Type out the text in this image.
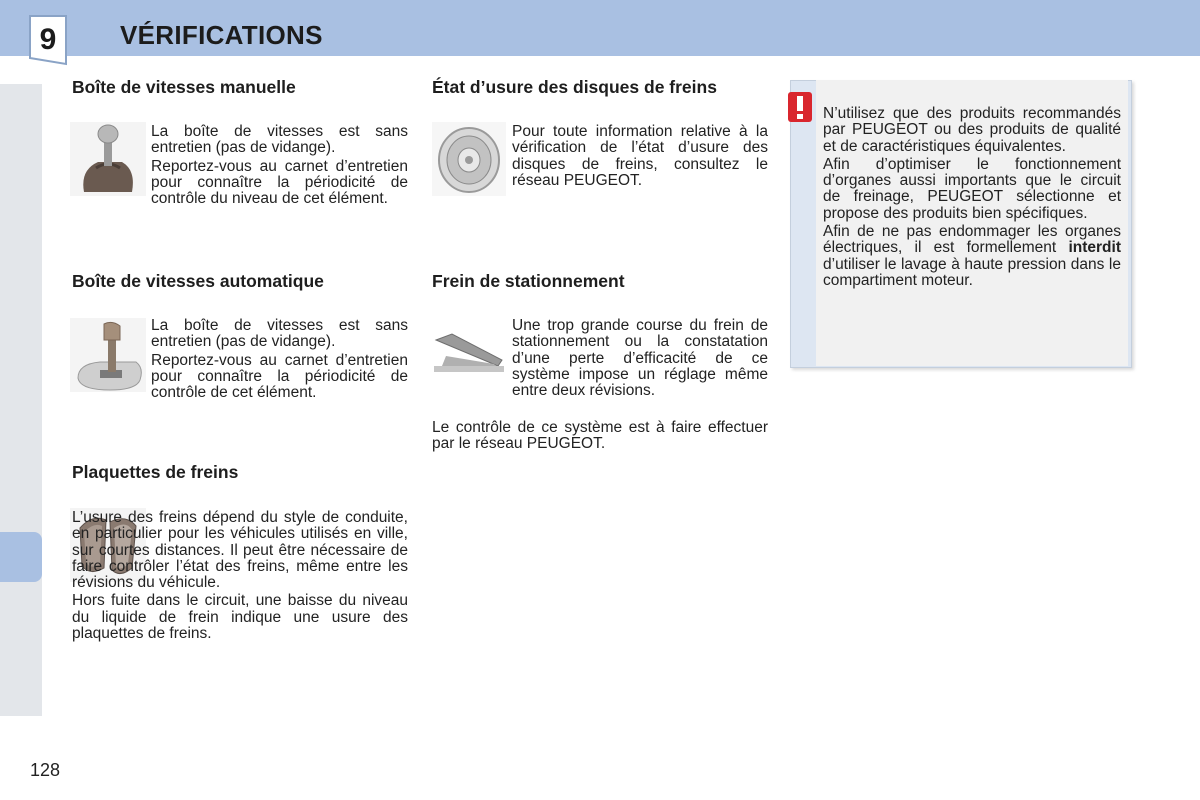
9	VÉRIFICATIONS
Boîte de vitesses manuelle
La boîte de vitesses est sans entretien (pas de vidange).
Reportez-vous au carnet d’entretien pour connaître la périodicité de contrôle du niveau de cet élément.
Boîte de vitesses automatique
La boîte de vitesses est sans entretien (pas de vidange).
Reportez-vous au carnet d’entretien pour connaître la périodicité de contrôle de cet élément.
Plaquettes de freins
L’usure des freins dépend du style de conduite, en particulier pour les véhicules utilisés en ville, sur courtes distances. Il peut être nécessaire de faire contrôler l’état des freins, même entre les révisions du véhicule.
Hors fuite dans le circuit, une baisse du niveau du liquide de frein indique une usure des plaquettes de freins.
État d’usure des disques de freins
Pour toute information relative à la vérification de l’état d’usure des disques de freins, consultez le réseau PEUGEOT.
Frein de stationnement
Une trop grande course du frein de stationnement ou la constatation d’une perte d’efficacité de ce système impose un réglage même entre deux révisions.
Le contrôle de ce système est à faire effectuer par le réseau PEUGEOT.
N’utilisez que des produits recommandés par PEUGEOT ou des produits de qualité et de caractéristiques équivalentes.
Afin d’optimiser le fonctionnement d’organes aussi importants que le circuit de freinage, PEUGEOT sélectionne et propose des produits bien spécifiques.
Afin de ne pas endommager les organes électriques, il est formellement interdit d’utiliser le lavage à haute pression dans le compartiment moteur.
128
